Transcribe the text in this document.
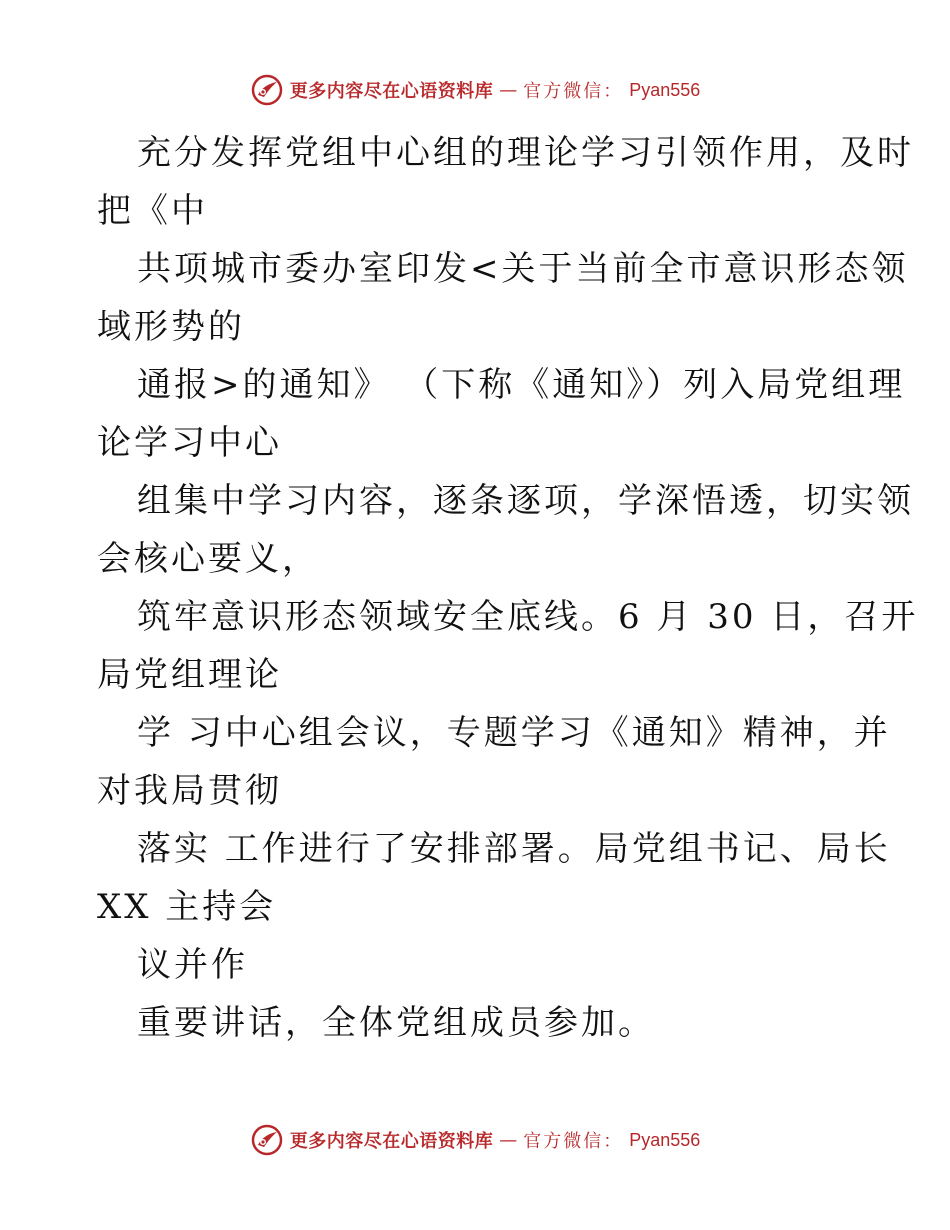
更多内容尽在心语资料库 — 官方微信： Pyan556
充分发挥党组中心组的理论学习引领作用，及时
把《中
共项城市委办室印发<关于当前全市意识形态领
域形势的
通报>的通知》 （下称《通知》）列入局党组理
论学习中心
组集中学习内容，逐条逐项，学深悟透，切实领
会核心要义，
筑牢意识形态领域安全底线。6 月 30 日，召开
局党组理论
学 习中心组会议，专题学习《通知》精神，并
对我局贯彻
落实 工作进行了安排部署。局党组书记、局长
XX 主持会
议并作
重要讲话，全体党组成员参加。
更多内容尽在心语资料库 — 官方微信： Pyan556
